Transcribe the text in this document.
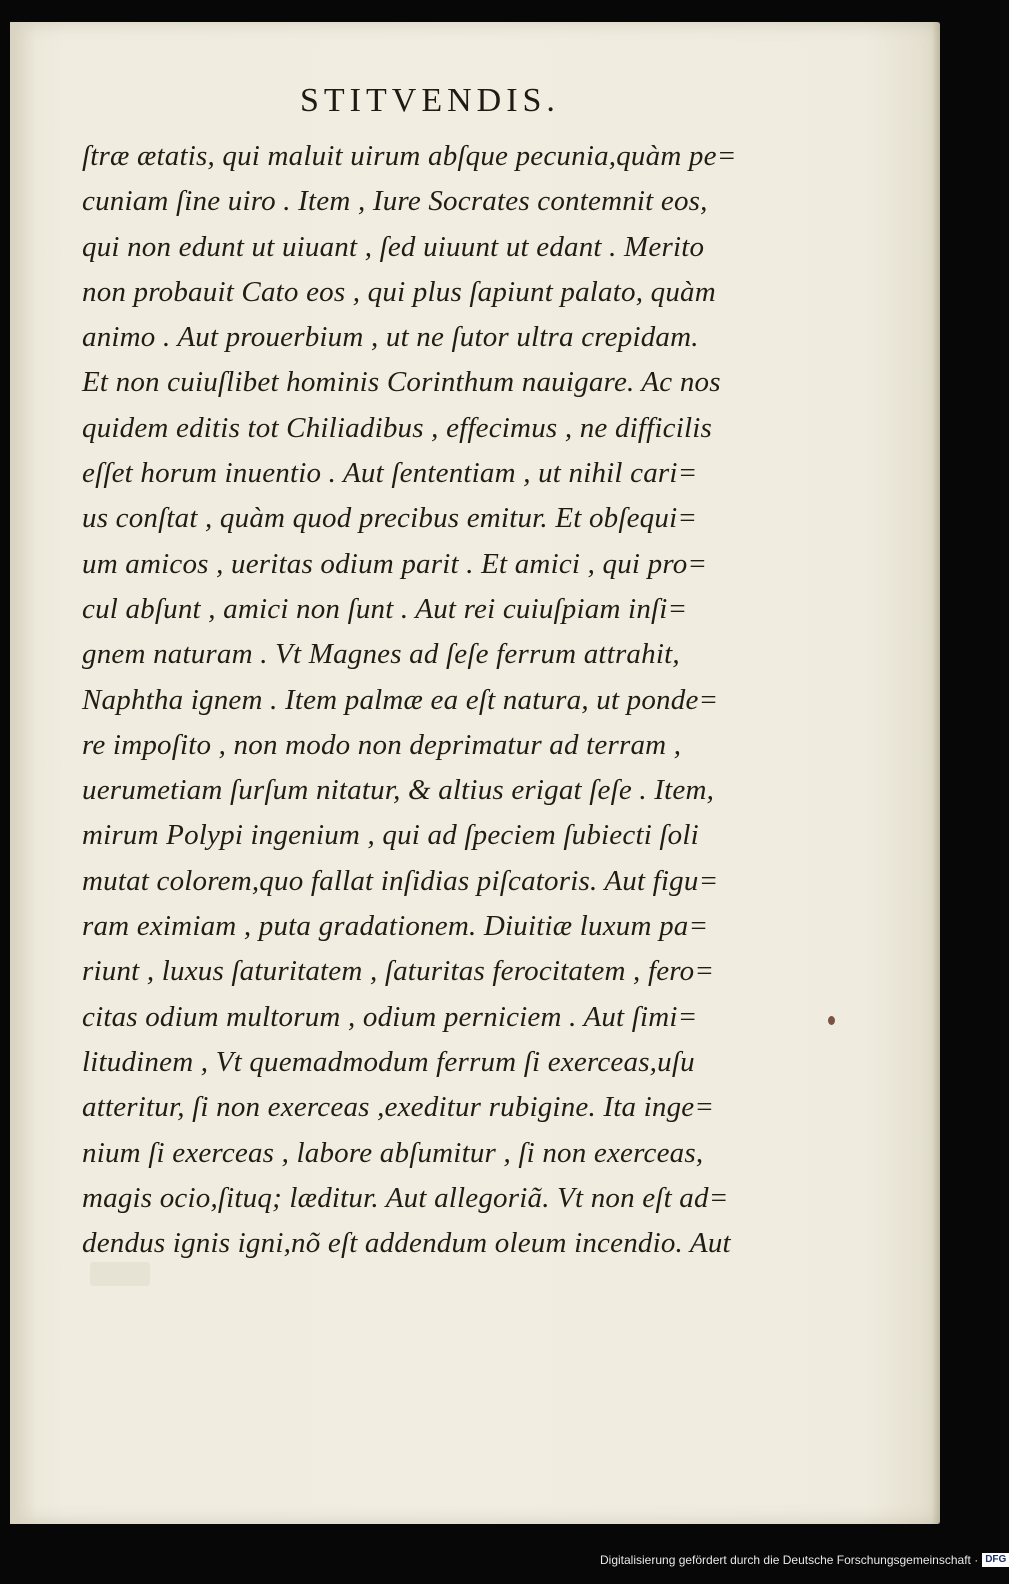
STITVENDIS.
ſtræ ætatis, qui maluit uirum abſque pecunia,quàm pe=
cuniam ſine uiro . Item , Iure Socrates contemnit eos,
qui non edunt ut uiuant , ſed uiuunt ut edant . Merito
non probauit Cato eos , qui plus ſapiunt palato, quàm
animo . Aut prouerbium , ut ne ſutor ultra crepidam.
Et non cuiuſlibet hominis Corinthum nauigare. Ac nos
quidem editis tot Chiliadibus , effecimus , ne difficilis
eſſet horum inuentio . Aut ſententiam , ut nihil cari=
us conſtat , quàm quod precibus emitur. Et obſequi=
um amicos , ueritas odium parit . Et amici , qui pro=
cul abſunt , amici non ſunt . Aut rei cuiuſpiam inſi=
gnem naturam . Vt Magnes ad ſeſe ferrum attrahit,
Naphtha ignem . Item palmæ ea eſt natura, ut ponde=
re impoſito , non modo non deprimatur ad terram ,
uerumetiam ſurſum nitatur, & altius erigat ſeſe . Item,
mirum Polypi ingenium , qui ad ſpeciem ſubiecti ſoli
mutat colorem,quo fallat inſidias piſcatoris. Aut figu=
ram eximiam , puta gradationem. Diuitiæ luxum pa=
riunt , luxus ſaturitatem , ſaturitas ferocitatem , fero=
citas odium multorum , odium perniciem . Aut ſimi=
litudinem , Vt quemadmodum ferrum ſi exerceas,uſu
atteritur, ſi non exerceas ,exeditur rubigine. Ita inge=
nium ſi exerceas , labore abſumitur , ſi non exerceas,
magis ocio,ſituq; læditur. Aut allegoriã. Vt non eſt ad=
dendus ignis igni,nõ eſt addendum oleum incendio. Aut
Digitalisierung gefördert durch die Deutsche Forschungsgemeinschaft · DFG
